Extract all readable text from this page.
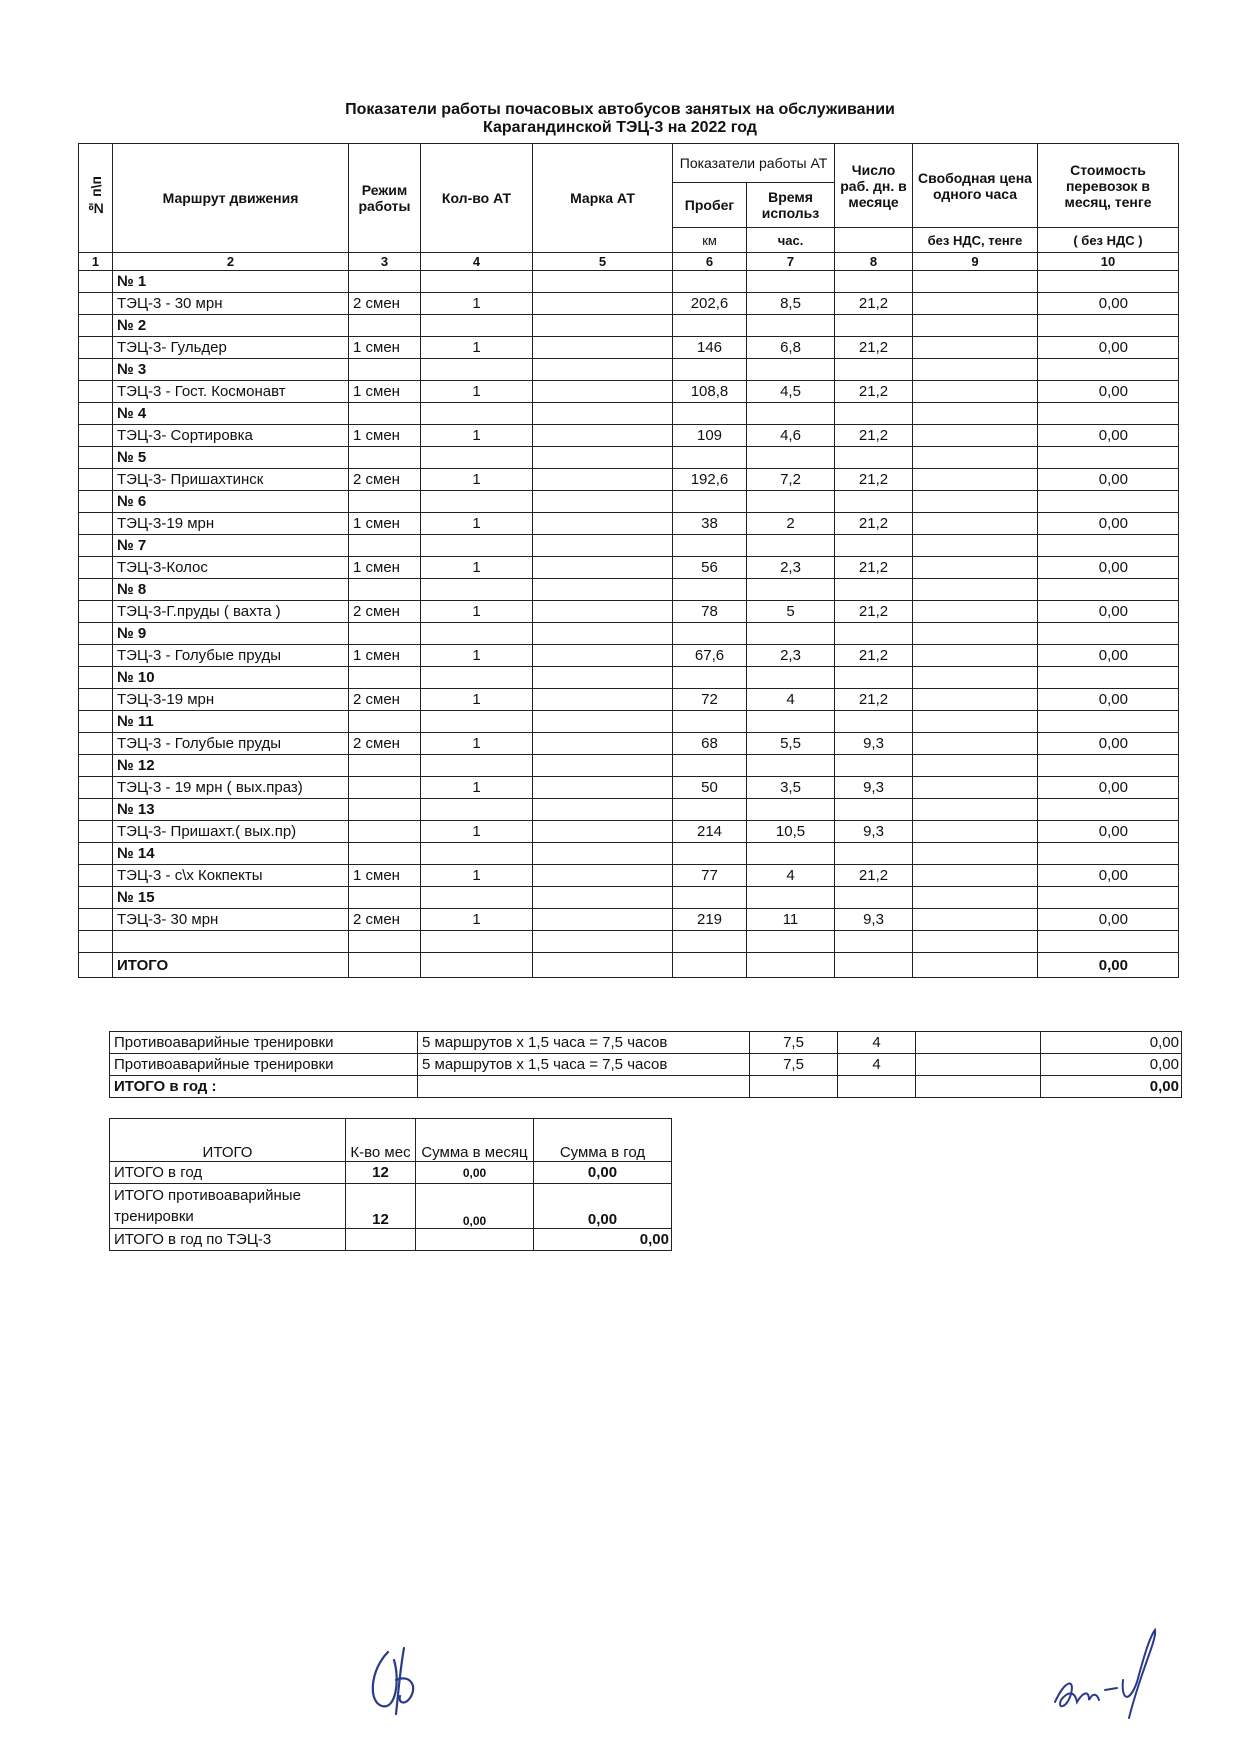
Показатели работы почасовых автобусов занятых на обслуживании
Карагандинской ТЭЦ-3 на 2022 год
№ п\п	Маршрут движения	Режим работы	Кол-во АТ	Марка АТ	Показатели работы АТ		Число раб. дн. в месяце	Свободная цена одного часа	Стоимость перевозок в месяц, тенге
					Пробег	Время использ			

					км	час.		без НДС, тенге	( без НДС )
1	2	3	4	5	6	7	8	9	10
	№ 1								
	ТЭЦ-3 - 30 мрн	2 смен	1		202,6	8,5	21,2		0,00
	№ 2								
	ТЭЦ-3- Гульдер	1 смен	1		146	6,8	21,2		0,00
	№ 3								
	ТЭЦ-3 - Гост. Космонавт	1 смен	1		108,8	4,5	21,2		0,00
	№ 4								
	ТЭЦ-3- Сортировка	1 смен	1		109	4,6	21,2		0,00
	№ 5								
	ТЭЦ-3- Пришахтинск	2 смен	1		192,6	7,2	21,2		0,00
	№ 6								
	ТЭЦ-3-19 мрн	1 смен	1		38	2	21,2		0,00
	№ 7								
	ТЭЦ-3-Колос	1 смен	1		56	2,3	21,2		0,00
	№ 8								
	ТЭЦ-3-Г.пруды ( вахта )	2 смен	1		78	5	21,2		0,00
	№ 9								
	ТЭЦ-3 - Голубые пруды	1 смен	1		67,6	2,3	21,2		0,00
	№ 10								
	ТЭЦ-3-19 мрн	2 смен	1		72	4	21,2		0,00
	№ 11								
	ТЭЦ-3 - Голубые пруды	2 смен	1		68	5,5	9,3		0,00
	№ 12								
	ТЭЦ-3 - 19 мрн ( вых.праз)		1		50	3,5	9,3		0,00
	№ 13								
	ТЭЦ-3- Пришахт.( вых.пр)		1		214	10,5	9,3		0,00
	№ 14								
	ТЭЦ-3 - с\х Кокпекты	1 смен	1		77	4	21,2		0,00
	№ 15								
	ТЭЦ-3- 30 мрн	2 смен	1		219	11	9,3		0,00

	ИТОГО								0,00
Противоаварийные тренировки	5 маршрутов х 1,5 часа = 7,5 часов	7,5	4		0,00
Противоаварийные тренировки	5 маршрутов х 1,5 часа = 7,5 часов	7,5	4		0,00
ИТОГО в год :					0,00
ИТОГО	К-во мес	Сумма в месяц	Сумма в год
ИТОГО в год	12	0,00	0,00
ИТОГО противоаварийные
тренировки	12	0,00	0,00
ИТОГО в год по ТЭЦ-3			0,00
